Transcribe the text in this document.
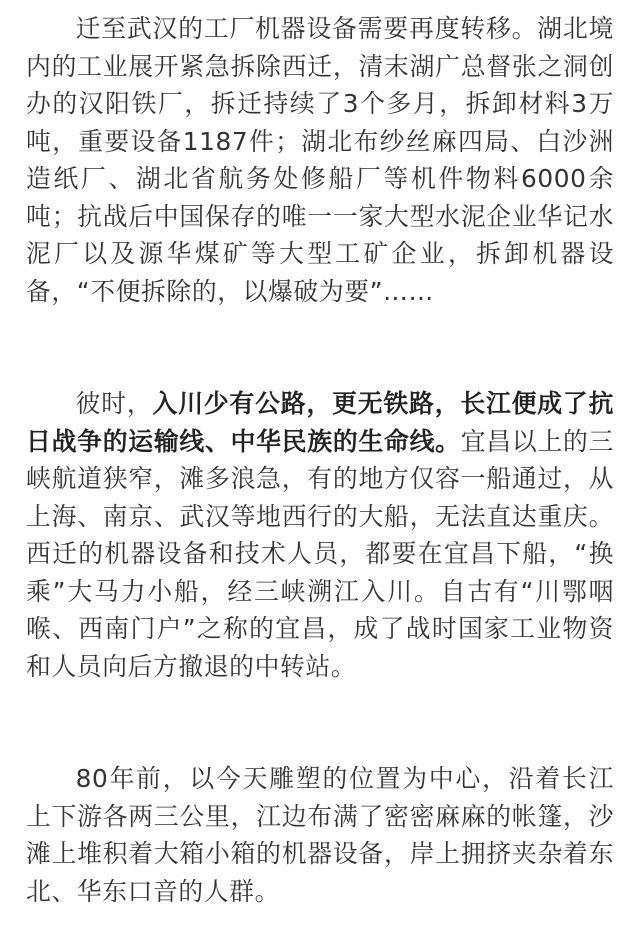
迁至武汉的工厂机器设备需要再度转移。湖北境内的工业展开紧急拆除西迁，清末湖广总督张之洞创办的汉阳铁厂，拆迁持续了3个多月，拆卸材料3万吨，重要设备1187件；湖北布纱丝麻四局、白沙洲造纸厂、湖北省航务处修船厂等机件物料6000余吨；抗战后中国保存的唯一一家大型水泥企业华记水泥厂以及源华煤矿等大型工矿企业，拆卸机器设备，“不便拆除的，以爆破为要”……

彼时，入川少有公路，更无铁路，长江便成了抗日战争的运输线、中华民族的生命线。宜昌以上的三峡航道狭窄，滩多浪急，有的地方仅容一船通过，从上海、南京、武汉等地西行的大船，无法直达重庆。西迁的机器设备和技术人员，都要在宜昌下船，“换乘”大马力小船，经三峡溯江入川。自古有“川鄂咽喉、西南门户”之称的宜昌，成了战时国家工业物资和人员向后方撤退的中转站。

80年前，以今天雕塑的位置为中心，沿着长江上下游各两三公里，江边布满了密密麻麻的帐篷，沙滩上堆积着大箱小箱的机器设备，岸上拥挤夹杂着东北、华东口音的人群。
